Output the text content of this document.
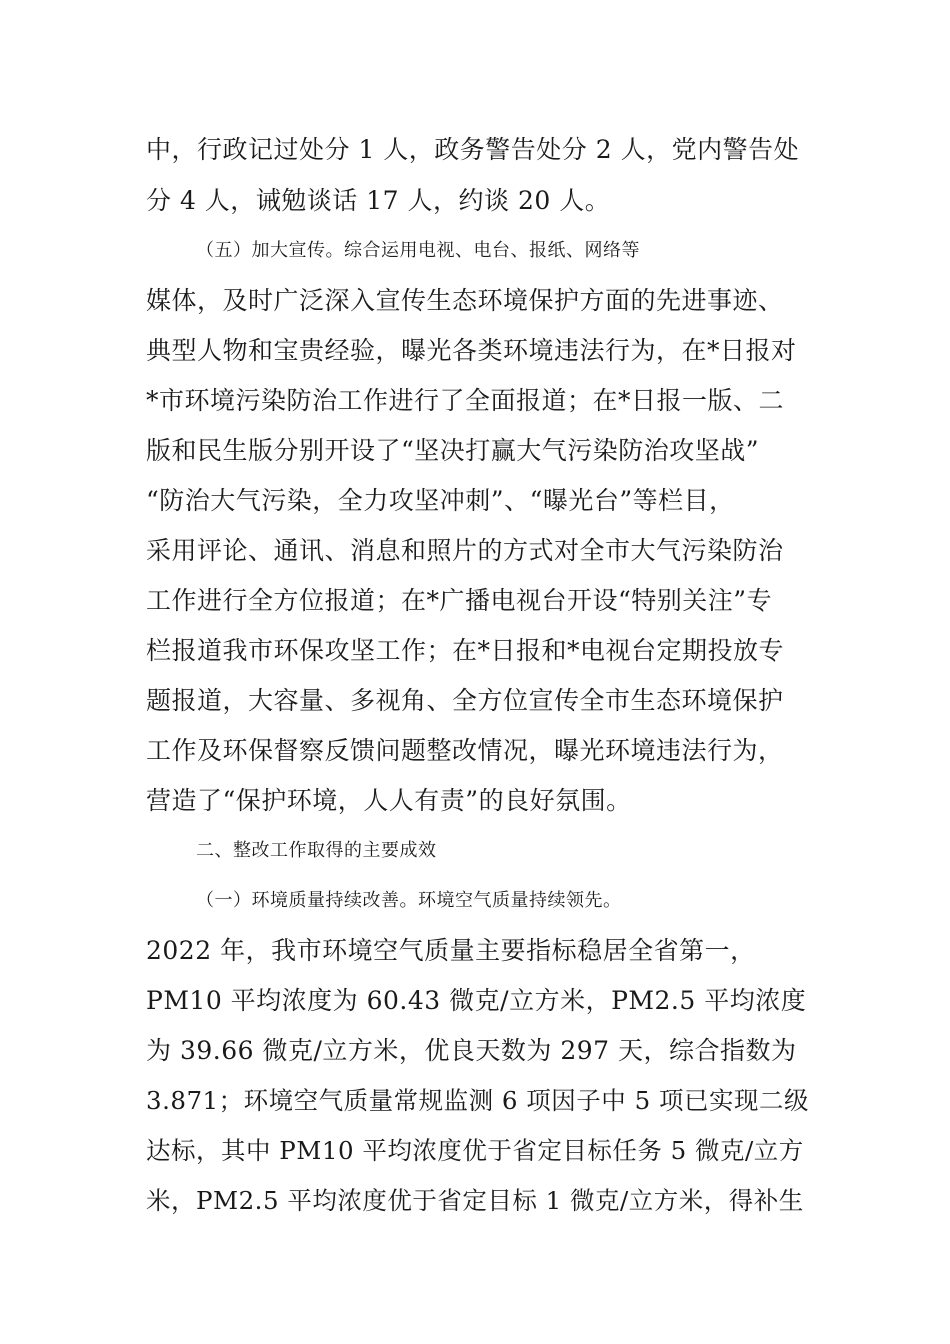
中，行政记过处分 1 人，政务警告处分 2 人，党内警告处
分 4 人，诫勉谈话 17 人，约谈 20 人。
（五）加大宣传。综合运用电视、电台、报纸、网络等
媒体，及时广泛深入宣传生态环境保护方面的先进事迹、
典型人物和宝贵经验，曝光各类环境违法行为，在*日报对
*市环境污染防治工作进行了全面报道；在*日报一版、二
版和民生版分别开设了“坚决打赢大气污染防治攻坚战”
“防治大气污染，全力攻坚冲刺”、“曝光台”等栏目，
采用评论、通讯、消息和照片的方式对全市大气污染防治
工作进行全方位报道；在*广播电视台开设“特别关注”专
栏报道我市环保攻坚工作；在*日报和*电视台定期投放专
题报道，大容量、多视角、全方位宣传全市生态环境保护
工作及环保督察反馈问题整改情况，曝光环境违法行为，
营造了“保护环境，人人有责”的良好氛围。
二、整改工作取得的主要成效
（一）环境质量持续改善。环境空气质量持续领先。
2022 年，我市环境空气质量主要指标稳居全省第一，
PM10 平均浓度为 60.43 微克/立方米，PM2.5 平均浓度
为 39.66 微克/立方米，优良天数为 297 天，综合指数为
3.871；环境空气质量常规监测 6 项因子中 5 项已实现二级
达标，其中 PM10 平均浓度优于省定目标任务 5 微克/立方
米，PM2.5 平均浓度优于省定目标 1 微克/立方米，得补生
